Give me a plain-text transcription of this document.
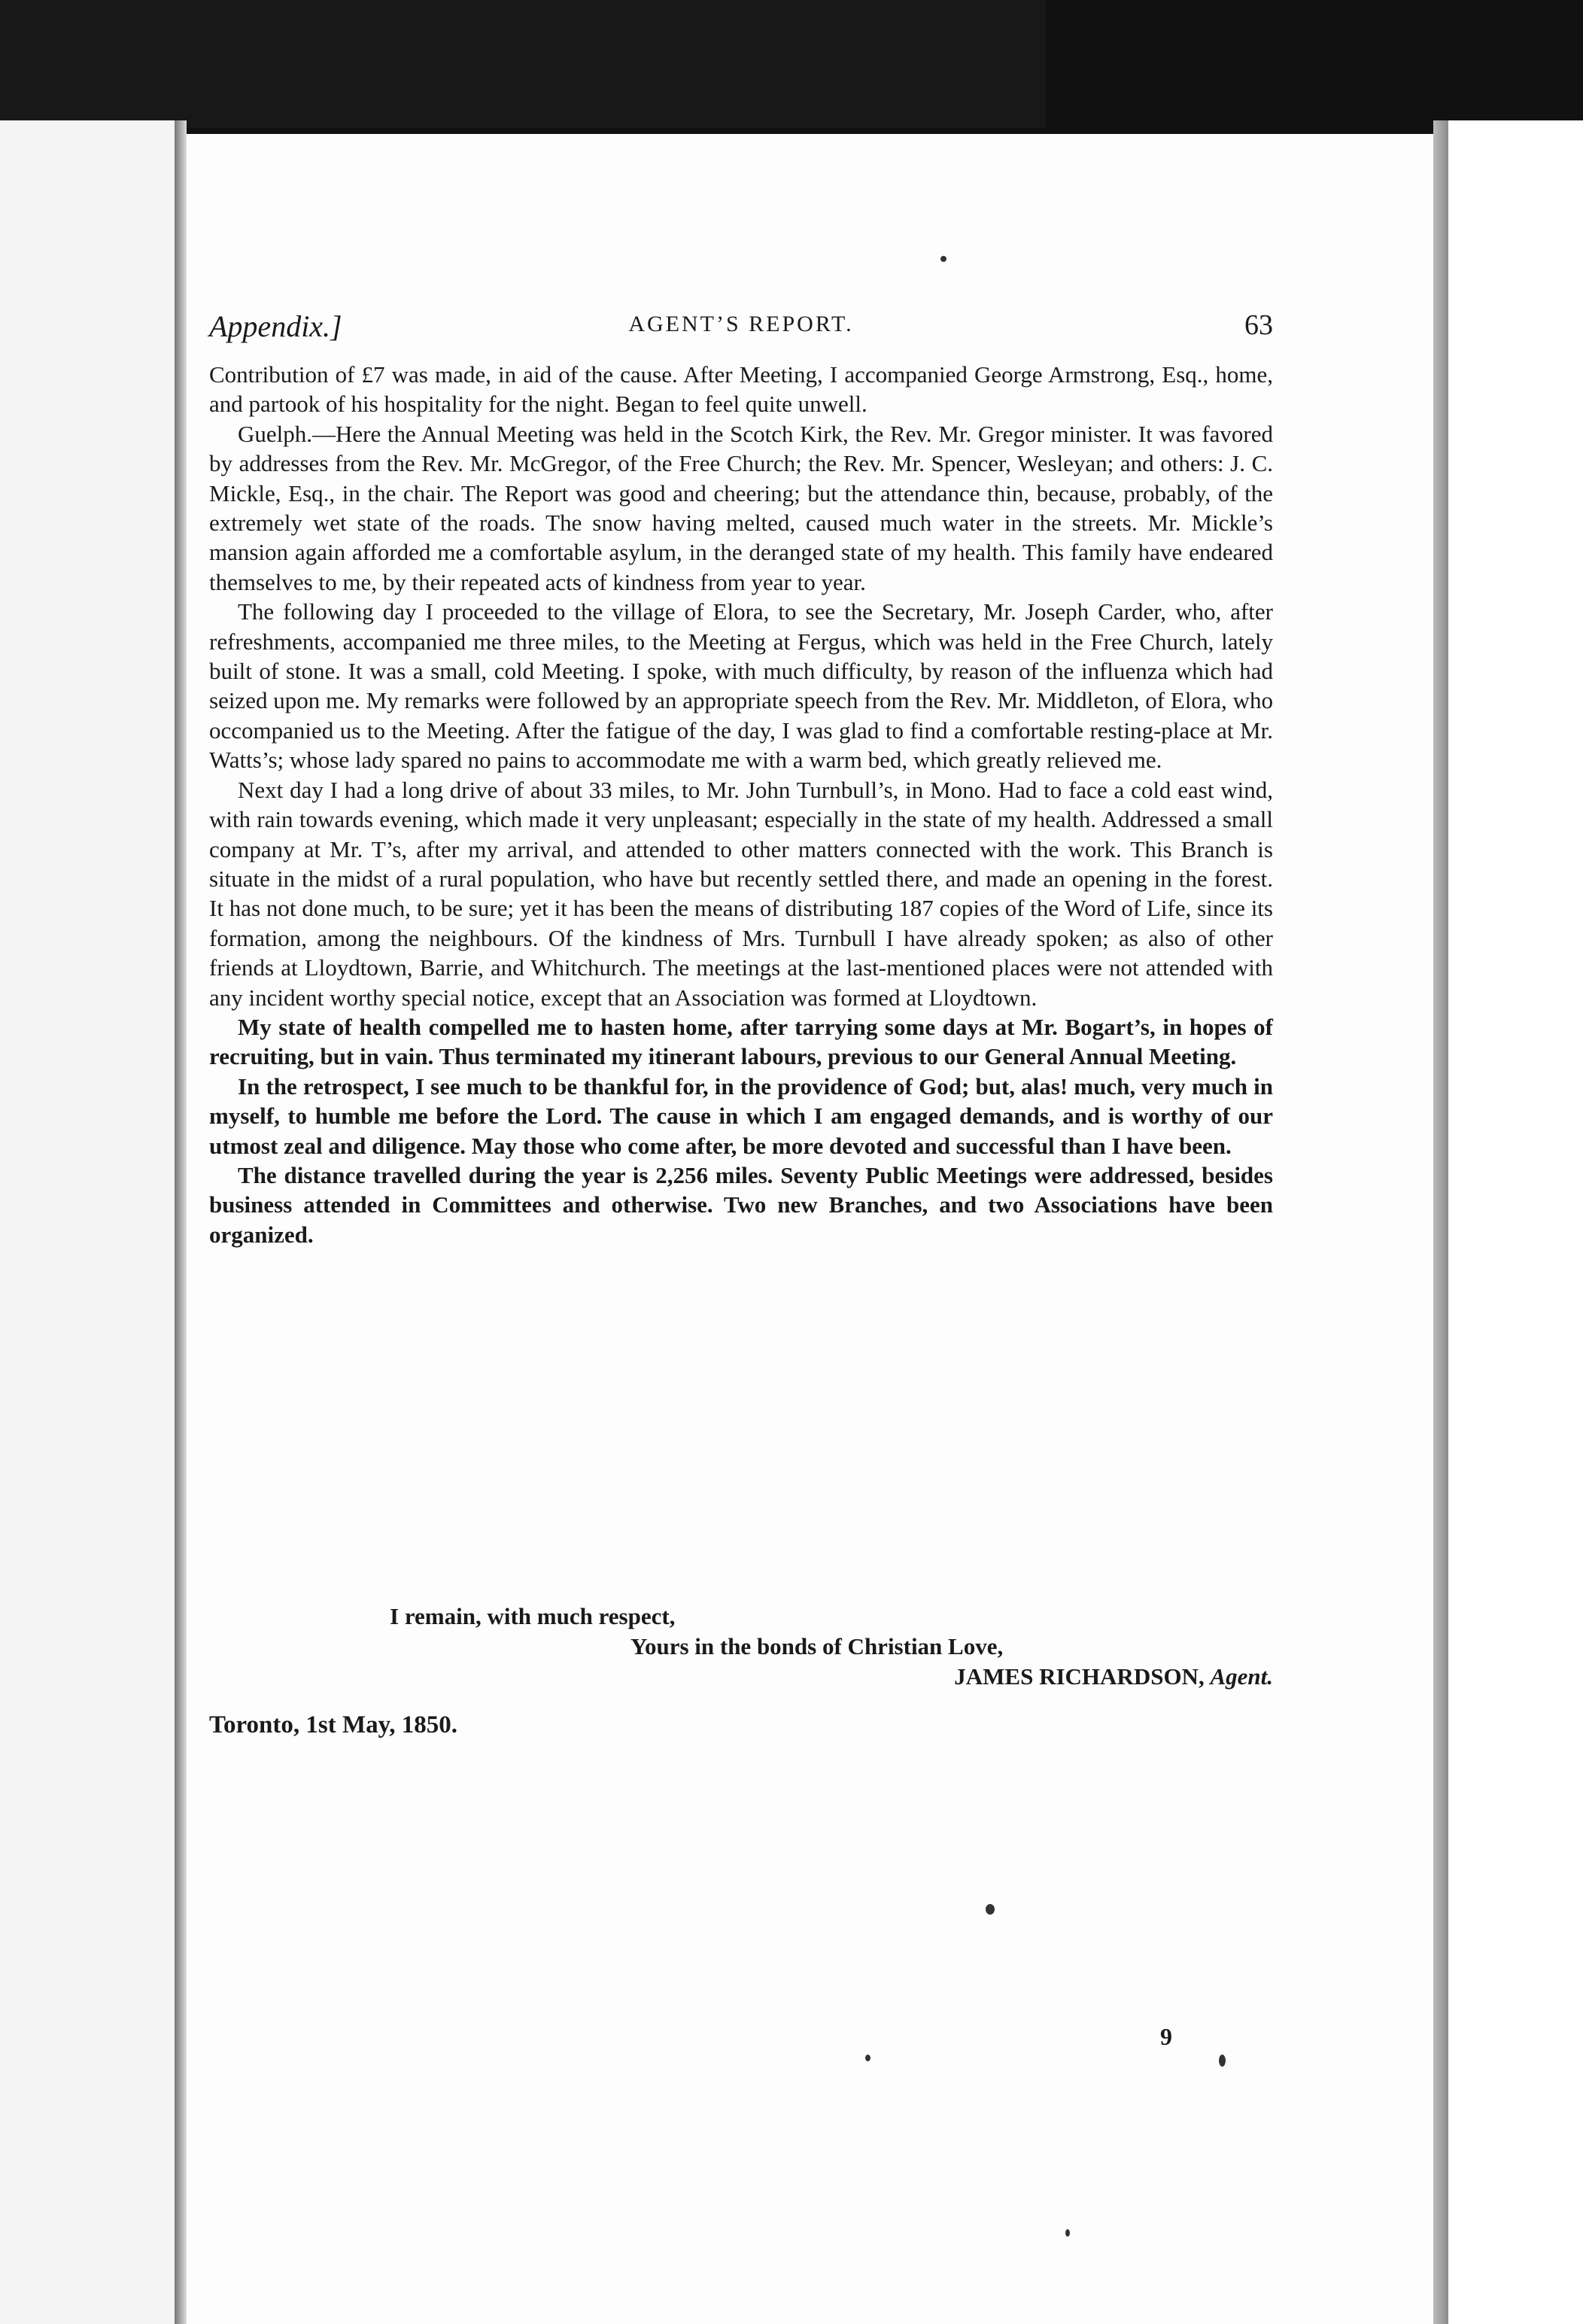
Appendix.]	AGENT’S REPORT.	63

Contribution of £7 was made, in aid of the cause. After Meeting, I accompanied George Armstrong, Esq., home, and partook of his hospitality for the night. Began to feel quite unwell.

Guelph.—Here the Annual Meeting was held in the Scotch Kirk, the Rev. Mr. Gregor minister. It was favored by addresses from the Rev. Mr. McGregor, of the Free Church; the Rev. Mr. Spencer, Wesleyan; and others: J. C. Mickle, Esq., in the chair. The Report was good and cheering; but the attendance thin, because, probably, of the extremely wet state of the roads. The snow having melted, caused much water in the streets. Mr. Mickle’s mansion again afforded me a comfortable asylum, in the deranged state of my health. This family have endeared themselves to me, by their repeated acts of kindness from year to year.

The following day I proceeded to the village of Elora, to see the Secretary, Mr. Joseph Carder, who, after refreshments, accompanied me three miles, to the Meeting at Fergus, which was held in the Free Church, lately built of stone. It was a small, cold Meeting. I spoke, with much difficulty, by reason of the influenza which had seized upon me. My remarks were followed by an appropriate speech from the Rev. Mr. Middleton, of Elora, who occompanied us to the Meeting. After the fatigue of the day, I was glad to find a comfortable resting-place at Mr. Watts’s; whose lady spared no pains to accommodate me with a warm bed, which greatly relieved me.

Next day I had a long drive of about 33 miles, to Mr. John Turnbull’s, in Mono. Had to face a cold east wind, with rain towards evening, which made it very unpleasant; especially in the state of my health. Addressed a small company at Mr. T’s, after my arrival, and attended to other matters connected with the work. This Branch is situate in the midst of a rural population, who have but recently settled there, and made an opening in the forest. It has not done much, to be sure; yet it has been the means of distributing 187 copies of the Word of Life, since its formation, among the neighbours. Of the kindness of Mrs. Turnbull I have already spoken; as also of other friends at Lloydtown, Barrie, and Whitchurch. The meetings at the last-mentioned places were not attended with any incident worthy special notice, except that an Association was formed at Lloydtown.

My state of health compelled me to hasten home, after tarrying some days at Mr. Bogart’s, in hopes of recruiting, but in vain. Thus terminated my itinerant labours, previous to our General Annual Meeting.

In the retrospect, I see much to be thankful for, in the providence of God; but, alas! much, very much in myself, to humble me before the Lord. The cause in which I am engaged demands, and is worthy of our utmost zeal and diligence. May those who come after, be more devoted and successful than I have been.

The distance travelled during the year is 2,256 miles. Seventy Public Meetings were addressed, besides business attended in Committees and otherwise. Two new Branches, and two Associations have been organized.

I remain, with much respect,
Yours in the bonds of Christian Love,
JAMES RICHARDSON, Agent.
Toronto, 1st May, 1850.
9
